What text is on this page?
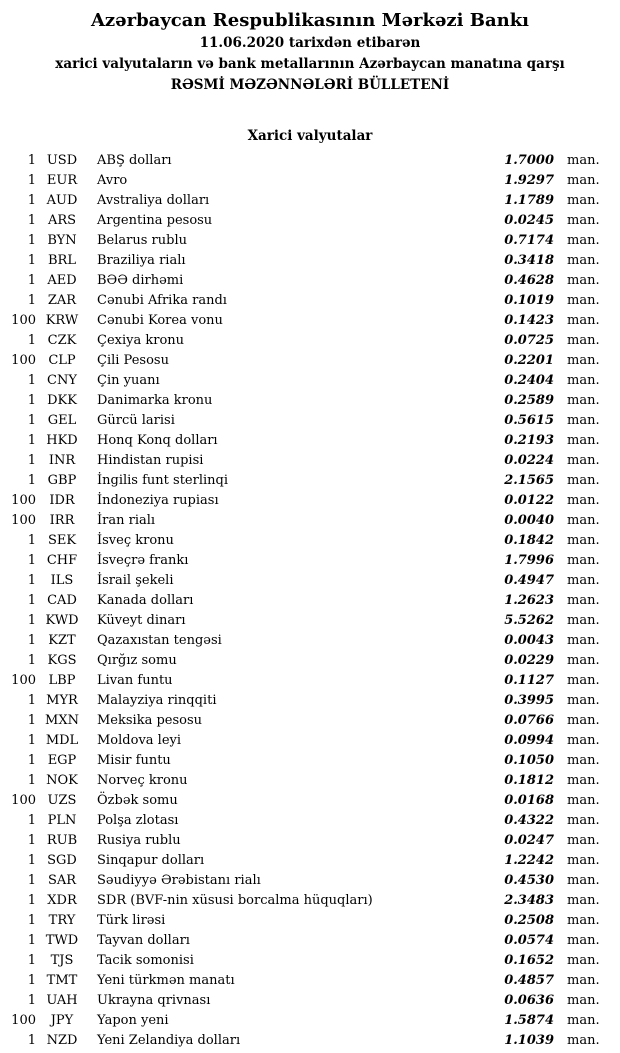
Azərbaycan Respublikasının Mərkəzi Bankı
11.06.2020 tarixdən etibarən
xarici valyutaların və bank metallarının Azərbaycan manatına qarşı
RƏSMİ MƏZƏNNƏLƏRİ BÜLLETENİ
Xarici valyutalar
1 USD	ABŞ dolları	1.7000	man.
1 EUR	Avro	1.9297	man.
1 AUD	Avstraliya dolları	1.1789	man.
1 ARS	Argentina pesosu	0.0245	man.
1 BYN	Belarus rublu	0.7174	man.
1 BRL	Braziliya rialı	0.3418	man.
1 AED	BƏƏ dirhəmi	0.4628	man.
1 ZAR	Cənubi Afrika randı	0.1019	man.
100 KRW	Cənubi Korea vonu	0.1423	man.
1 CZK	Çexiya kronu	0.0725	man.
100 CLP	Çili Pesosu	0.2201	man.
1 CNY	Çin yuanı	0.2404	man.
1 DKK	Danimarka kronu	0.2589	man.
1 GEL	Gürcü larisi	0.5615	man.
1 HKD	Honq Konq dolları	0.2193	man.
1 INR	Hindistan rupisi	0.0224	man.
1 GBP	İngilis funt sterlinqi	2.1565	man.
100	IDR	İndoneziya rupiası	0.0122	man.
100	IRR	İran rialı	0.0040	man.
1 SEK	İsveç kronu	0.1842	man.
1 CHF	İsveçrə frankı	1.7996	man.
1	ILS	İsrail şekeli	0.4947	man.
1 CAD	Kanada dolları	1.2623	man.
1 KWD	Küveyt dinarı	5.5262	man.
1 KZT	Qazaxıstan tengəsi	0.0043	man.
1 KGS	Qırğız somu	0.0229	man.
100 LBP	Livan funtu	0.1127	man.
1 MYR	Malayziya rinqqiti	0.3995	man.
1 MXN	Meksika pesosu	0.0766	man.
1 MDL	Moldova leyi	0.0994	man.
1 EGP	Misir funtu	0.1050	man.
1 NOK	Norveç kronu	0.1812	man.
100 UZS	Özbək somu	0.0168	man.
1 PLN	Polşa zlotası	0.4322	man.
1 RUB	Rusiya rublu	0.0247	man.
1 SGD	Sinqapur dolları	1.2242	man.
1 SAR	Səudiyyə Ərəbistanı rialı	0.4530	man.
1 XDR	SDR (BVF-nin xüsusi borcalma hüquqları)	2.3483	man.
1 TRY	Türk lirəsi	0.2508	man.
1 TWD	Tayvan dolları	0.0574	man.
1	TJS	Tacik somonisi	0.1652	man.
1 TMT	Yeni türkmən manatı	0.4857	man.
1 UAH	Ukrayna qrivnası	0.0636	man.
100	JPY	Yapon yeni	1.5874	man.
1 NZD	Yeni Zelandiya dolları	1.1039	man.
